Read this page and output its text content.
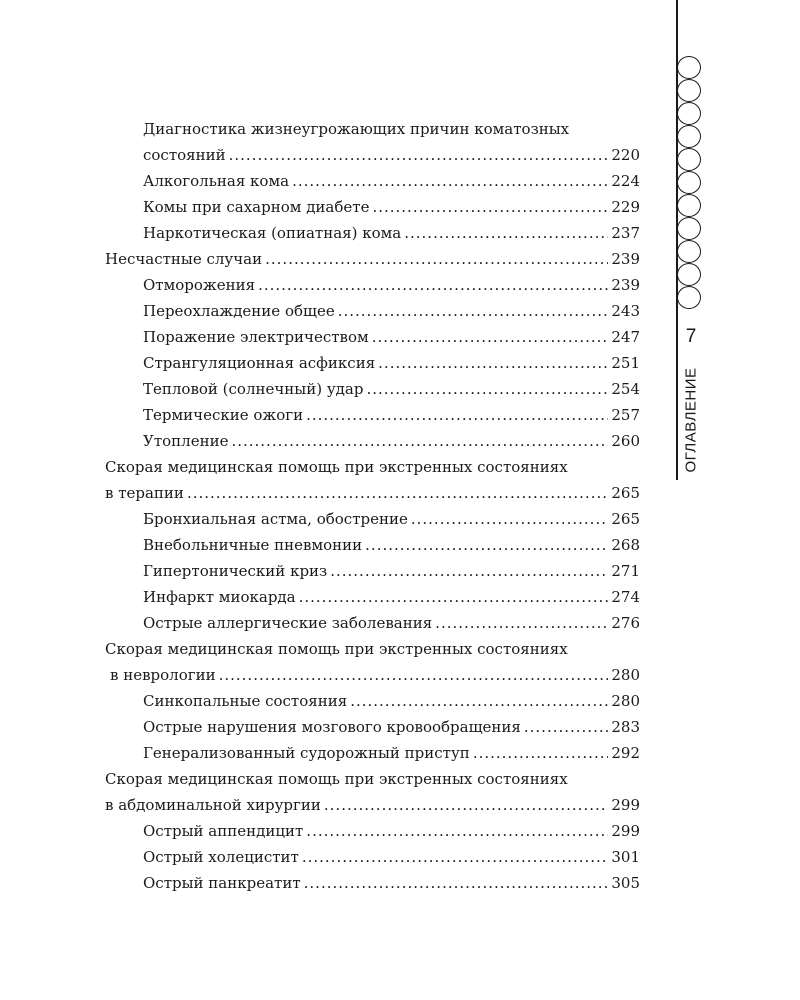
7
ОГЛАВЛЕНИЕ
Диагностика жизнеугрожающих причин коматозных
состояний .....	220
Алкогольная кома .....	224
Комы при сахарном диабете .....	229
Наркотическая (опиатная) кома .....	237
Несчастные случаи .....	239
Отморожения .....	239
Переохлаждение общее .....	243
Поражение электричеством .....	247
Странгуляционная асфиксия .....	251
Тепловой (солнечный) удар .....	254
Термические ожоги .....	257
Утопление .....	260
Скорая медицинская помощь при экстренных состояниях
в терапии .....	265
Бронхиальная астма, обострение .....	265
Внебольничные пневмонии .....	268
Гипертонический криз .....	271
Инфаркт миокарда .....	274
Острые аллергические заболевания .....	276
Скорая медицинская помощь при экстренных состояниях
в неврологии .....	280
Синкопальные состояния .....	280
Острые нарушения мозгового кровообращения .....	283
Генерализованный судорожный приступ .....	292
Скорая медицинская помощь при экстренных состояниях
в абдоминальной хирургии .....	299
Острый аппендицит .....	299
Острый холецистит .....	301
Острый панкреатит .....	305
